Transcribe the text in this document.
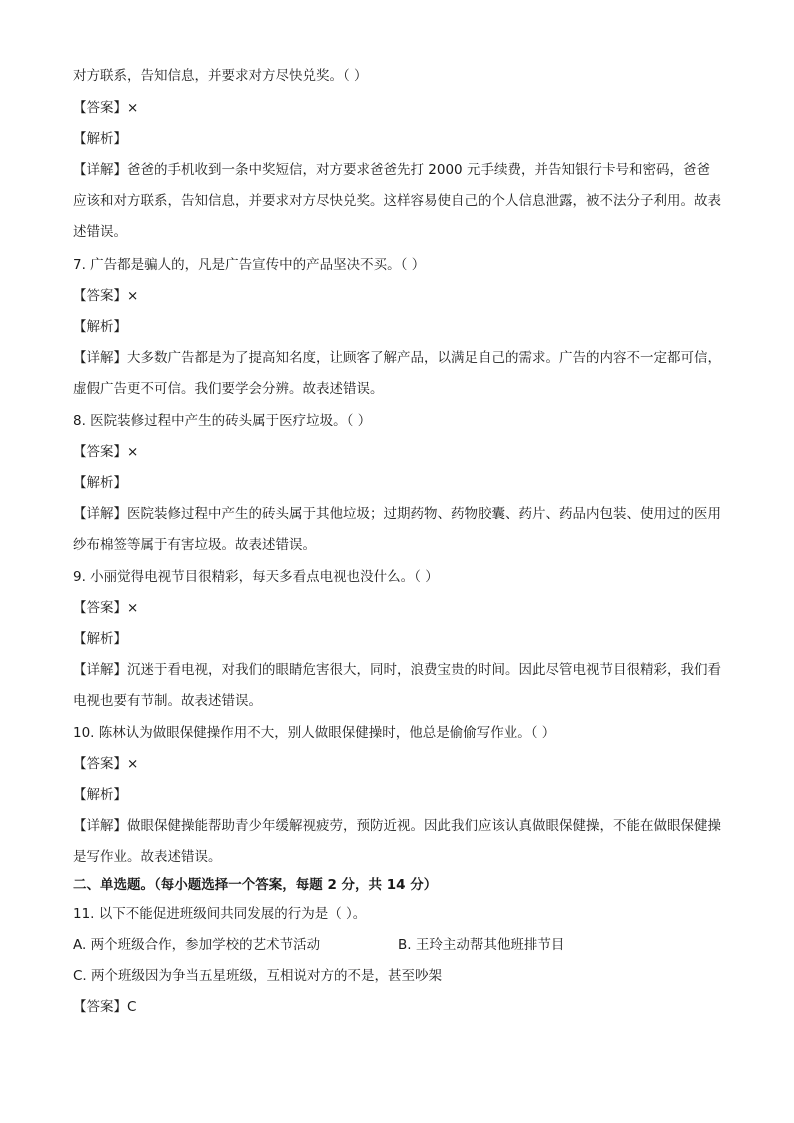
对方联系，告知信息，并要求对方尽快兑奖。（ ）
【答案】×
【解析】
【详解】爸爸的手机收到一条中奖短信，对方要求爸爸先打 2000 元手续费，并告知银行卡号和密码，爸爸应该和对方联系，告知信息，并要求对方尽快兑奖。这样容易使自己的个人信息泄露，被不法分子利用。故表述错误。
7. 广告都是骗人的，凡是广告宣传中的产品坚决不买。（ ）
【答案】×
【解析】
【详解】大多数广告都是为了提高知名度，让顾客了解产品，以满足自己的需求。广告的内容不一定都可信，虚假广告更不可信。我们要学会分辨。故表述错误。
8. 医院装修过程中产生的砖头属于医疗垃圾。（ ）
【答案】×
【解析】
【详解】医院装修过程中产生的砖头属于其他垃圾；过期药物、药物胶囊、药片、药品内包装、使用过的医用纱布棉签等属于有害垃圾。故表述错误。
9. 小丽觉得电视节目很精彩，每天多看点电视也没什么。（ ）
【答案】×
【解析】
【详解】沉迷于看电视，对我们的眼睛危害很大，同时，浪费宝贵的时间。因此尽管电视节目很精彩，我们看电视也要有节制。故表述错误。
10. 陈林认为做眼保健操作用不大，别人做眼保健操时，他总是偷偷写作业。（ ）
【答案】×
【解析】
【详解】做眼保健操能帮助青少年缓解视疲劳，预防近视。因此我们应该认真做眼保健操，不能在做眼保健操是写作业。故表述错误。
二、单选题。（每小题选择一个答案，每题 2 分，共 14 分）
11. 以下不能促进班级间共同发展的行为是（ ）。
A. 两个班级合作，参加学校的艺术节活动	B. 王玲主动帮其他班排节目
C. 两个班级因为争当五星班级，互相说对方的不是，甚至吵架
【答案】C
